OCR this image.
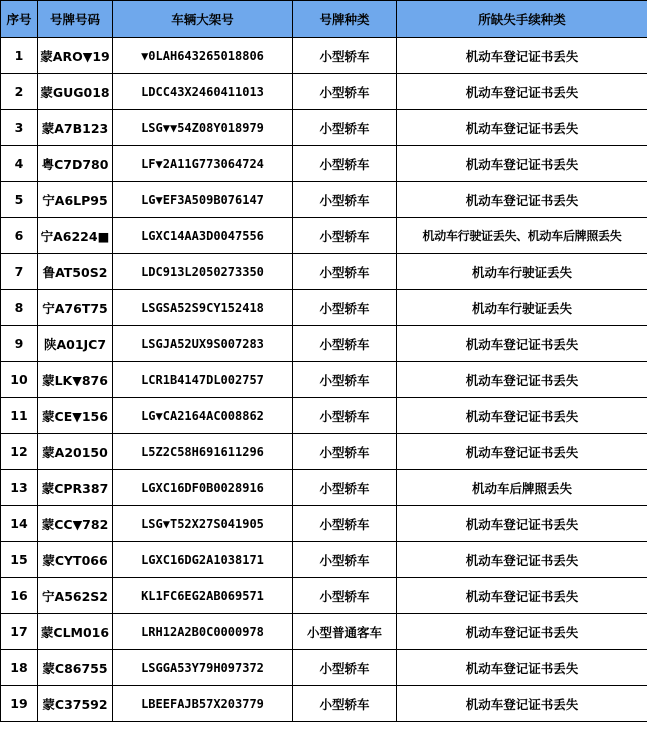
序号	号牌号码	车辆大架号	号牌种类	所缺失手续种类
1	蒙ARO▼19	▼0LAH643265018806	小型轿车	机动车登记证书丢失
2	蒙GUG018	LDCC43X2460411013	小型轿车	机动车登记证书丢失
3	蒙A7B123	LSG▼▼54Z08Y018979	小型轿车	机动车登记证书丢失
4	粤C7D780	LF▼2A11G773064724	小型轿车	机动车登记证书丢失
5	宁A6LP95	LG▼EF3A509B076147	小型轿车	机动车登记证书丢失
6	宁A6224■	LGXC14AA3D0047556	小型轿车	机动车行驶证丢失、机动车后牌照丢失
7	鲁AT50S2	LDC913L2050273350	小型轿车	机动车行驶证丢失
8	宁A76T75	LSGSA52S9CY152418	小型轿车	机动车行驶证丢失
9	陕A01JC7	LSGJA52UX9S007283	小型轿车	机动车登记证书丢失
10	蒙LK▼876	LCR1B4147DL002757	小型轿车	机动车登记证书丢失
11	蒙CE▼156	LG▼CA2164AC008862	小型轿车	机动车登记证书丢失
12	蒙A20150	L5Z2C58H691611296	小型轿车	机动车登记证书丢失
13	蒙CPR387	LGXC16DF0B0028916	小型轿车	机动车后牌照丢失
14	蒙CC▼782	LSG▼T52X27S041905	小型轿车	机动车登记证书丢失
15	蒙CYT066	LGXC16DG2A1038171	小型轿车	机动车登记证书丢失
16	宁A562S2	KL1FC6EG2AB069571	小型轿车	机动车登记证书丢失
17	蒙CLM016	LRH12A2B0C0000978	小型普通客车	机动车登记证书丢失
18	蒙C86755	LSGGA53Y79H097372	小型轿车	机动车登记证书丢失
19	蒙C37592	LBEEFAJB57X203779	小型轿车	机动车登记证书丢失
